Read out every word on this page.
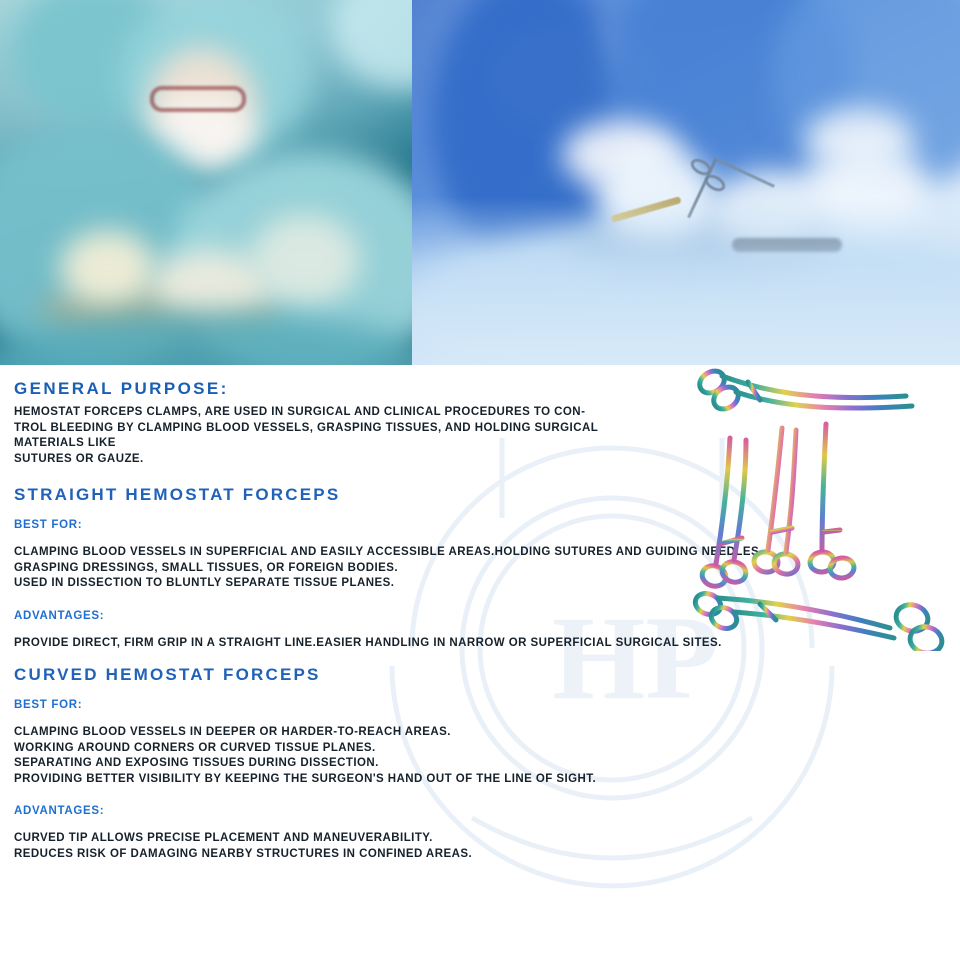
HP
GENERAL PURPOSE:
HEMOSTAT FORCEPS CLAMPS, ARE USED IN SURGICAL AND CLINICAL PROCEDURES TO CON-
TROL BLEEDING BY CLAMPING BLOOD VESSELS, GRASPING TISSUES, AND HOLDING SURGICAL
MATERIALS LIKE
SUTURES OR GAUZE.
STRAIGHT HEMOSTAT FORCEPS
BEST FOR:
CLAMPING BLOOD VESSELS IN SUPERFICIAL AND EASILY ACCESSIBLE AREAS.HOLDING SUTURES AND GUIDING NEEDLES.
GRASPING DRESSINGS, SMALL TISSUES, OR FOREIGN BODIES.
USED IN DISSECTION TO BLUNTLY SEPARATE TISSUE PLANES.
ADVANTAGES:
PROVIDE DIRECT, FIRM GRIP IN A STRAIGHT LINE.EASIER HANDLING IN NARROW OR SUPERFICIAL SURGICAL SITES.
CURVED HEMOSTAT FORCEPS
BEST FOR:
CLAMPING BLOOD VESSELS IN DEEPER OR HARDER-TO-REACH AREAS.
WORKING AROUND CORNERS OR CURVED TISSUE PLANES.
SEPARATING AND EXPOSING TISSUES DURING DISSECTION.
PROVIDING BETTER VISIBILITY BY KEEPING THE SURGEON'S HAND OUT OF THE LINE OF SIGHT.
ADVANTAGES:
CURVED TIP ALLOWS PRECISE PLACEMENT AND MANEUVERABILITY.
REDUCES RISK OF DAMAGING NEARBY STRUCTURES IN CONFINED AREAS.
